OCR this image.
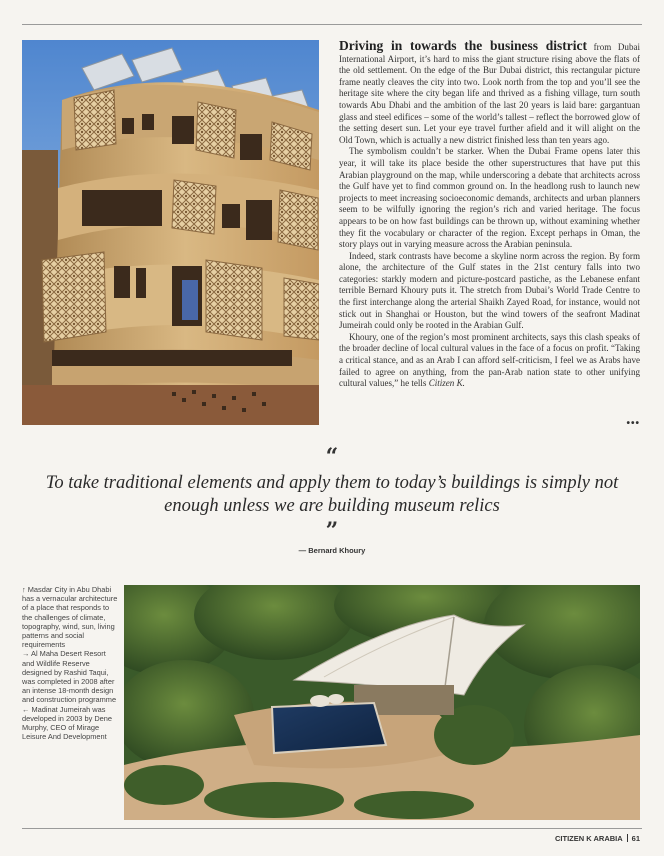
Driving in towards the business district from Dubai International Airport, it’s hard to miss the giant structure rising above the flats of the old settlement. On the edge of the Bur Dubai district, this rectangular picture frame neatly cleaves the city into two. Look north from the top and you’ll see the heritage site where the city began life and thrived as a fishing village, turn south towards Abu Dhabi and the ambition of the last 20 years is laid bare: gargantuan glass and steel edifices – some of the world’s tallest – reflect the borrowed glow of the setting desert sun. Let your eye travel further afield and it will alight on the Old Town, which is actually a new district finished less than ten years ago.

The symbolism couldn’t be starker. When the Dubai Frame opens later this year, it will take its place beside the other superstructures that have put this Arabian playground on the map, while underscoring a debate that architects across the Gulf have yet to find common ground on. In the headlong rush to launch new projects to meet increasing socioeconomic demands, architects and urban planners seem to be wilfully ignoring the region’s rich and varied heritage. The focus appears to be on how fast buildings can be thrown up, without examining whether they fit the vocabulary or character of the region. Except perhaps in Oman, the story plays out in varying measure across the Arabian peninsula.

Indeed, stark contrasts have become a skyline norm across the region. By form alone, the architecture of the Gulf states in the 21st century falls into two categories: starkly modern and picture-postcard pastiche, as the Lebanese enfant terrible Bernard Khoury puts it. The stretch from Dubai’s World Trade Centre to the first interchange along the arterial Shaikh Zayed Road, for instance, would not stick out in Shanghai or Houston, but the wind towers of the seafront Madinat Jumeirah could only be rooted in the Arabian Gulf.

Khoury, one of the region’s most prominent architects, says this clash speaks of the broader decline of local cultural values in the face of a focus on profit. “Taking a critical stance, and as an Arab I can afford self-criticism, I feel we as Arabs have failed to agree on anything, from the pan-Arab nation state to other unifying cultural values,” he tells Citizen K.

•••
“
To take traditional elements and apply them to today’s buildings is simply not enough unless we are building museum relics
”
— Bernard Khoury

↑ Masdar City in Abu Dhabi has a vernacular architecture of a place that responds to the challenges of climate, topography, wind, sun, living patterns and social requirements

→ Al Maha Desert Resort and Wildlife Reserve designed by Rashid Taqui, was completed in 2008 after an intense 18-month design and construction programme

← Madinat Jumeirah was developed in 2003 by Dene Murphy, CEO of Mirage Leisure And Development

CITIZEN K ARABIA 61
